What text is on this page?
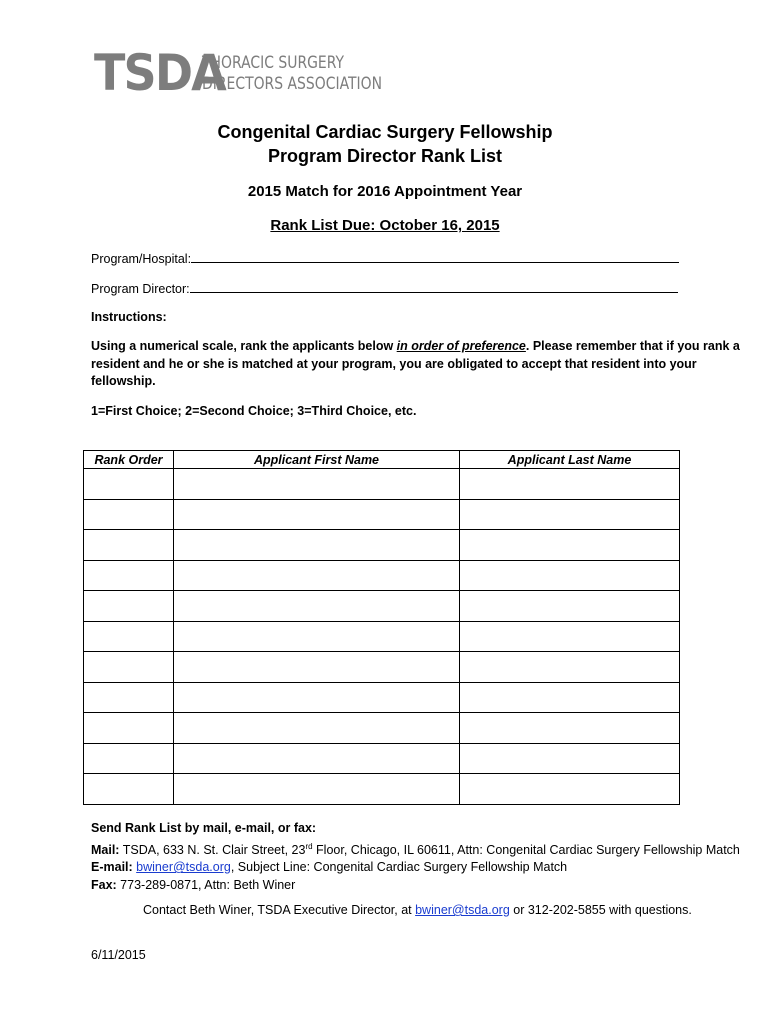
TSDA
THORACIC SURGERY
DIRECTORS ASSOCIATION
Congenital Cardiac Surgery Fellowship
Program Director Rank List
2015 Match for 2016 Appointment Year
Rank List Due: October 16, 2015
Program/Hospital:
Program Director:
Instructions:
Using a numerical scale, rank the applicants below in order of preference. Please remember that if you rank a resident and he or she is matched at your program, you are obligated to accept that resident into your fellowship.
1=First Choice; 2=Second Choice; 3=Third Choice, etc.
Rank Order	Applicant First Name	Applicant Last Name

Send Rank List by mail, e-mail, or fax:
Mail: TSDA, 633 N. St. Clair Street, 23rd Floor, Chicago, IL 60611, Attn: Congenital Cardiac Surgery Fellowship Match
E-mail: bwiner@tsda.org, Subject Line: Congenital Cardiac Surgery Fellowship Match
Fax: 773-289-0871, Attn: Beth Winer
Contact Beth Winer, TSDA Executive Director, at bwiner@tsda.org or 312-202-5855 with questions.
6/11/2015
